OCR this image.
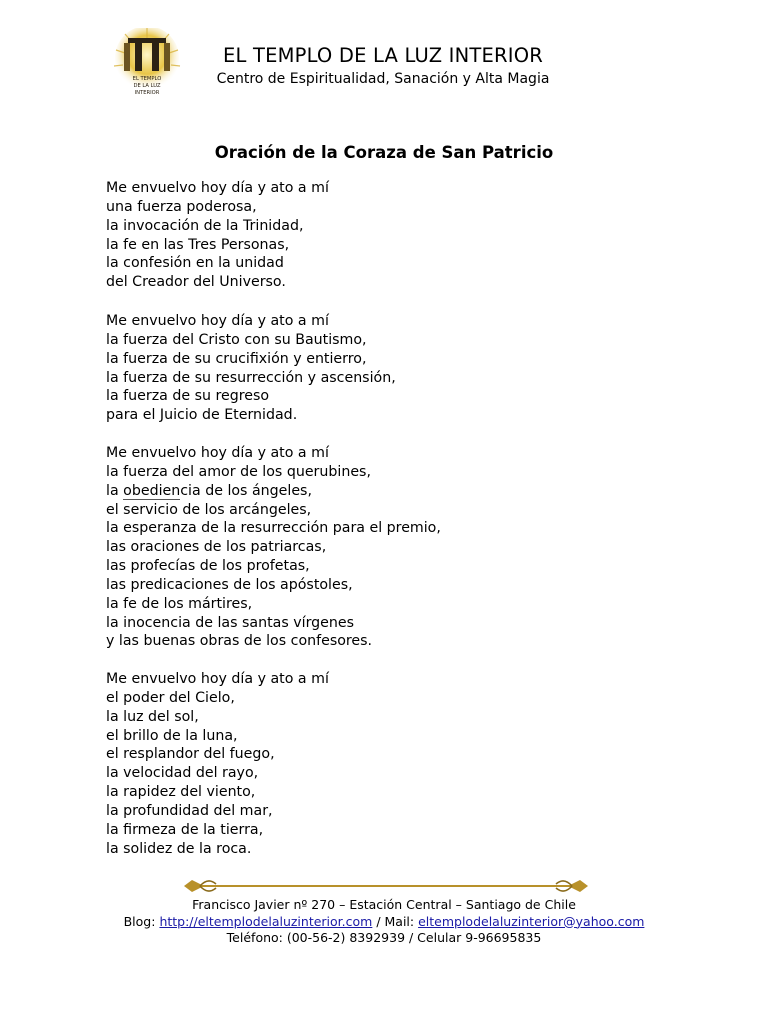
EL TEMPLO
DE LA LUZ
INTERIOR
EL TEMPLO DE LA LUZ INTERIOR
Centro de Espiritualidad, Sanación y Alta Magia
Oración de la Coraza de San Patricio
Me envuelvo hoy día y ato a mí
una fuerza poderosa,
la invocación de la Trinidad,
la fe en las Tres Personas,
la confesión en la unidad
del Creador del Universo.
Me envuelvo hoy día y ato a mí
la fuerza del Cristo con su Bautismo,
la fuerza de su crucifixión y entierro,
la fuerza de su resurrección y ascensión,
la fuerza de su regreso
para el Juicio de Eternidad.
Me envuelvo hoy día y ato a mí
la fuerza del amor de los querubines,
la obediencia de los ángeles,
el servicio de los arcángeles,
la esperanza de la resurrección para el premio,
las oraciones de los patriarcas,
las profecías de los profetas,
las predicaciones de los apóstoles,
la fe de los mártires,
la inocencia de las santas vírgenes
y las buenas obras de los confesores.
Me envuelvo hoy día y ato a mí
el poder del Cielo,
la luz del sol,
el brillo de la luna,
el resplandor del fuego,
la velocidad del rayo,
la rapidez del viento,
la profundidad del mar,
la firmeza de la tierra,
la solidez de la roca.
Francisco Javier nº 270 – Estación Central – Santiago de Chile
Blog: http://eltemplodelaluzinterior.com / Mail: eltemplodelaluzinterior@yahoo.com
Teléfono: (00-56-2) 8392939 / Celular 9-96695835
